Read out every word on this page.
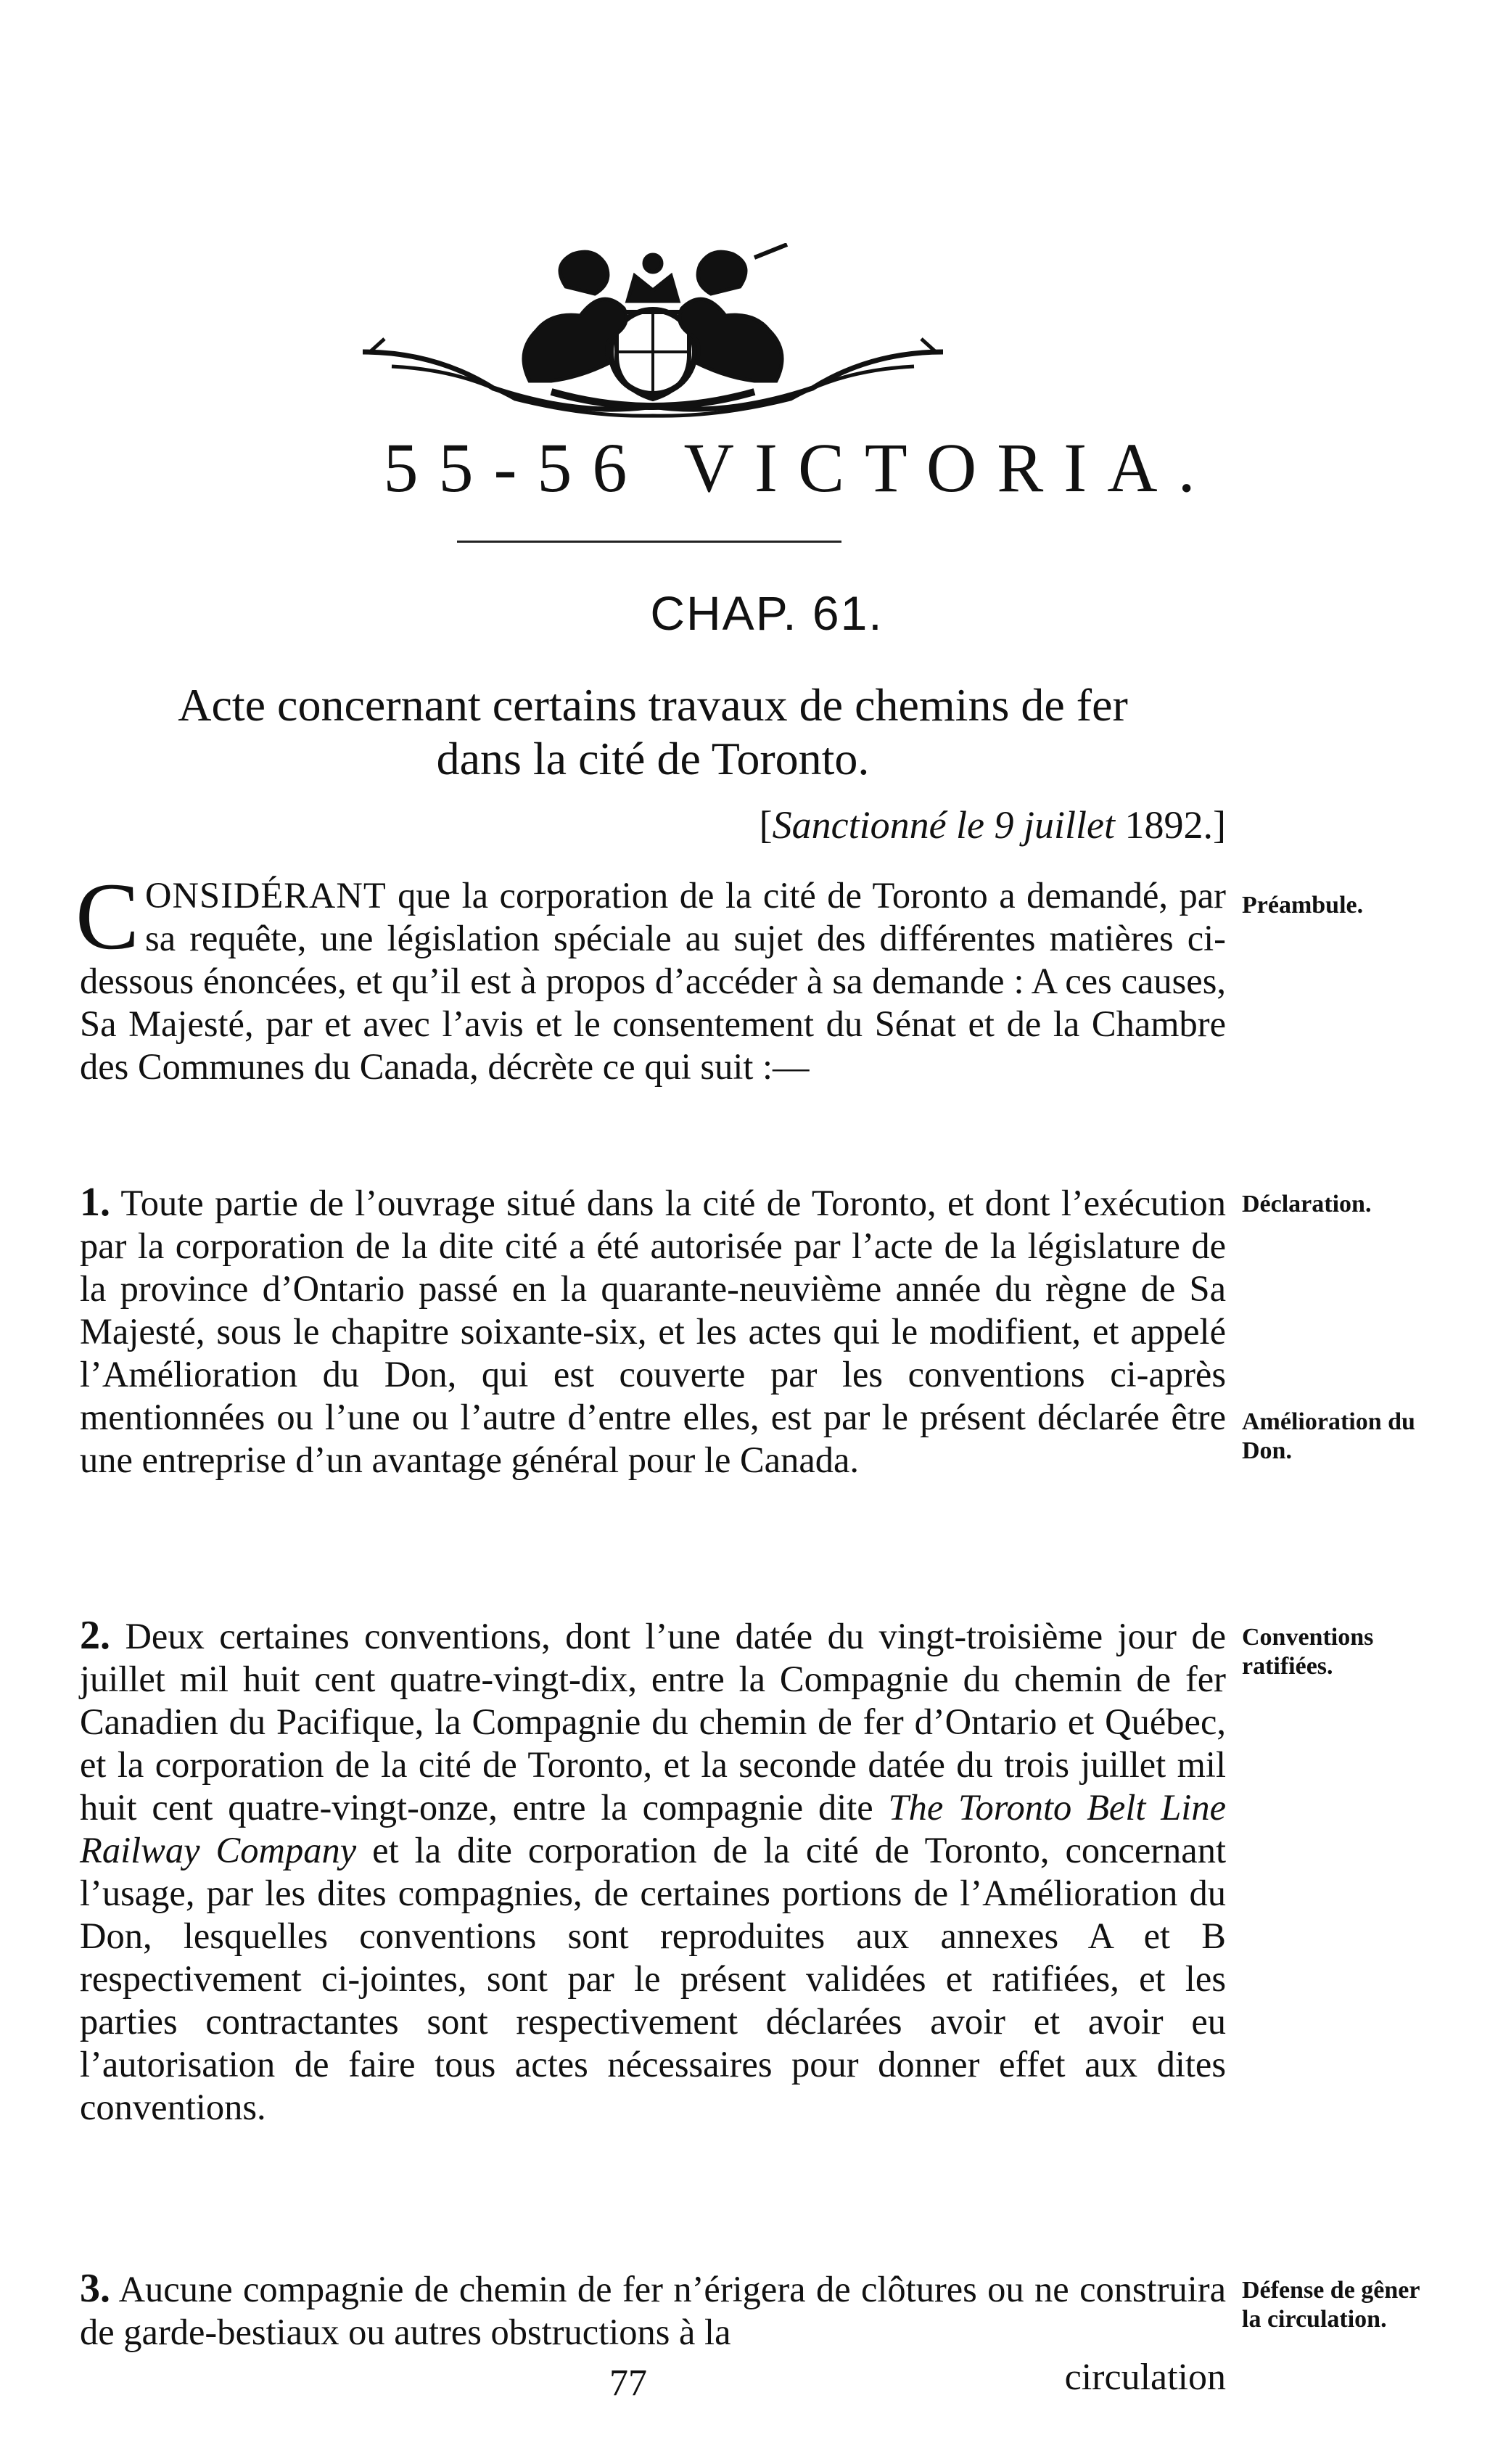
55-56 VICTORIA.
CHAP. 61.
Acte concernant certains travaux de chemins de fer
dans la cité de Toronto.
[Sanctionné le 9 juillet 1892.]
CONSIDÉRANT que la corporation de la cité de Toronto a demandé, par sa requête, une législation spéciale au sujet des différentes matières ci-dessous énoncées, et qu’il est à propos d’accéder à sa demande : A ces causes, Sa Majesté, par et avec l’avis et le consentement du Sénat et de la Chambre des Communes du Canada, décrète ce qui suit :—
Préambule.
1. Toute partie de l’ouvrage situé dans la cité de Toronto, et dont l’exécution par la corporation de la dite cité a été autorisée par l’acte de la législature de la province d’Ontario passé en la quarante-neuvième année du règne de Sa Majesté, sous le chapitre soixante-six, et les actes qui le modifient, et appelé l’Amélioration du Don, qui est couverte par les conventions ci-après mentionnées ou l’une ou l’autre d’entre elles, est par le présent déclarée être une entreprise d’un avantage général pour le Canada.
Déclaration.
Amélioration du Don.
2. Deux certaines conventions, dont l’une datée du vingt-troisième jour de juillet mil huit cent quatre-vingt-dix, entre la Compagnie du chemin de fer Canadien du Pacifique, la Compagnie du chemin de fer d’Ontario et Québec, et la corporation de la cité de Toronto, et la seconde datée du trois juillet mil huit cent quatre-vingt-onze, entre la compagnie dite The Toronto Belt Line Railway Company et la dite corporation de la cité de Toronto, concernant l’usage, par les dites compagnies, de certaines portions de l’Amélioration du Don, lesquelles conventions sont reproduites aux annexes A et B respectivement ci-jointes, sont par le présent validées et ratifiées, et les parties contractantes sont respectivement déclarées avoir et avoir eu l’autorisation de faire tous actes nécessaires pour donner effet aux dites conventions.
Conventions ratifiées.
3. Aucune compagnie de chemin de fer n’érigera de clôtures ou ne construira de garde-bestiaux ou autres obstructions à la
Défense de gêner la circulation.
77	circulation
